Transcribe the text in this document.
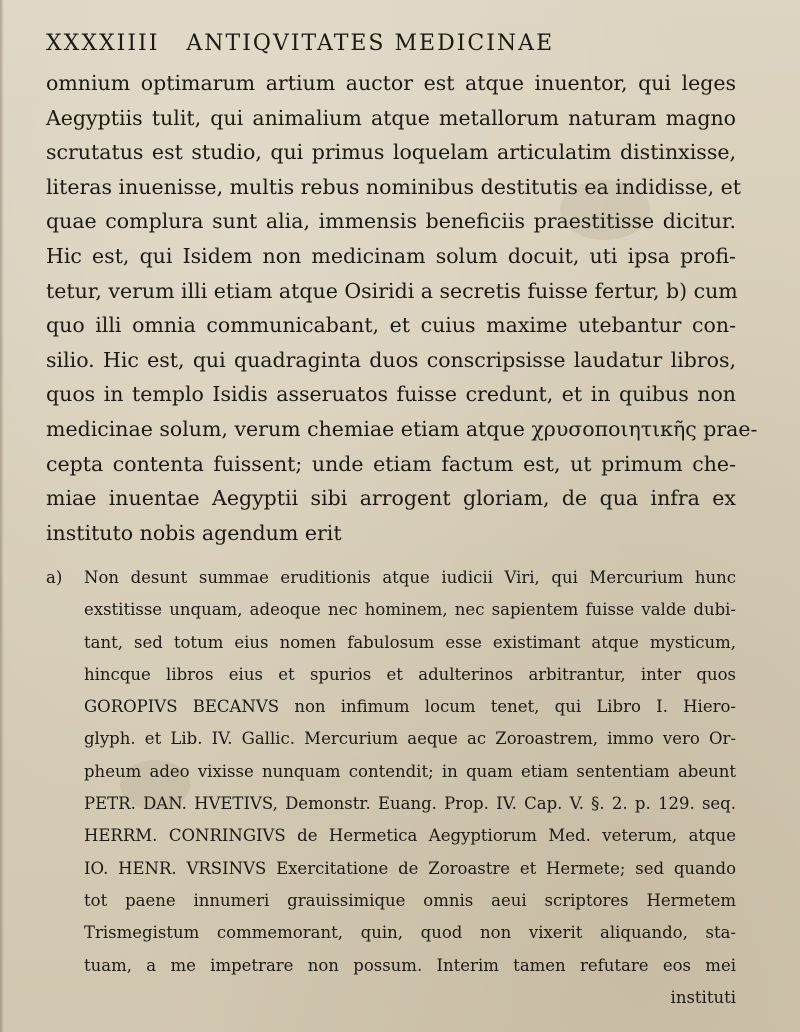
XXXXIIII ANTIQVITATES MEDICINAE
omnium optimarum artium auctor est atque inuentor, qui leges
Aegyptiis tulit, qui animalium atque metallorum naturam magno
scrutatus est studio, qui primus loquelam articulatim distinxisse,
literas inuenisse, multis rebus nominibus destitutis ea indidisse, et
quae complura sunt alia, immensis beneficiis praestitisse dicitur.
Hic est, qui Isidem non medicinam solum docuit, uti ipsa profi-
tetur, verum illi etiam atque Osiridi a secretis fuisse fertur, b) cum
quo illi omnia communicabant, et cuius maxime utebantur con-
silio. Hic est, qui quadraginta duos conscripsisse laudatur libros,
quos in templo Isidis asseruatos fuisse credunt, et in quibus non
medicinae solum, verum chemiae etiam atque χρυσοποιητικῆς prae-
cepta contenta fuissent; unde etiam factum est, ut primum che-
miae inuentae Aegyptii sibi arrogent gloriam, de qua infra ex
instituto nobis agendum erit
a) Non desunt summae eruditionis atque iudicii Viri, qui Mercurium hunc
exstitisse unquam, adeoque nec hominem, nec sapientem fuisse valde dubi-
tant, sed totum eius nomen fabulosum esse existimant atque mysticum,
hincque libros eius et spurios et adulterinos arbitrantur, inter quos
GOROPIVS BECANVS non infimum locum tenet, qui Libro I. Hiero-
glyph. et Lib. IV. Gallic. Mercurium aeque ac Zoroastrem, immo vero Or-
pheum adeo vixisse nunquam contendit; in quam etiam sententiam abeunt
PETR. DAN. HVETIVS, Demonstr. Euang. Prop. IV. Cap. V. §. 2. p. 129. seq.
HERRM. CONRINGIVS de Hermetica Aegyptiorum Med. veterum, atque
IO. HENR. VRSINVS Exercitatione de Zoroastre et Hermete; sed quando
tot paene innumeri grauissimique omnis aeui scriptores Hermetem
Trismegistum commemorant, quin, quod non vixerit aliquando, sta-
tuam, a me impetrare non possum. Interim tamen refutare eos mei
instituti
